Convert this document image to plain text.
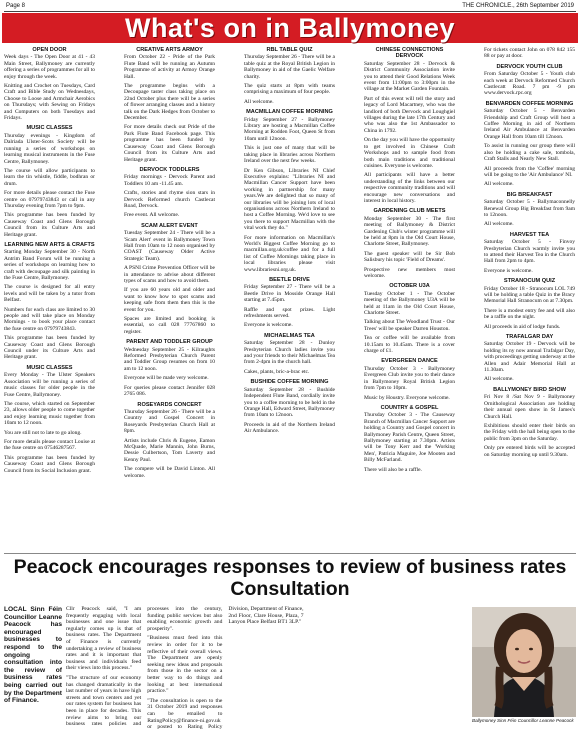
Page 8	THE CHRONICLE., 26th September 2019
What's on in Ballymoney
OPEN DOOR

Week days - The Open Door at 41 - 43 Main Street, Ballymoney are currently offering a series of programmes for all to enjoy through the week.

Knitting and Crochet on Tuesdays, Card Craft and Bible Study on Wednesdays, Choose to Loose and Armchair Aerobics on Thursdays; with Sewing on Fridays and Computers on both Tuesdays and Fridays.

MUSIC CLASSES

Thursday evenings - Kingdom of Dalriada Ulster-Scots Society will be running a series of workshops on learning musical instruments in the Fuse Centre, Ballymoney.

The course will allow participants to learn the tin whistle, fiddle, bodhran or drum.

For more details please contact the Fuse centre on 07979743843 or call in any Thursday evening from 7pm to 9pm.

This programme has been funded by Causeway Coast and Glens Borough Council from its Culture Arts and Heritage grant.

LEARNING NEW ARTS & CRAFTS

Starting Monday September 30 - North Antrim Band Forum will be running a series of workshops on learning how to craft with decoupage and silk painting in the Fuse Centre, Ballymoney.

The course is designed for all entry levels and will be taken by a tutor from Belfast.

Numbers for each class are limited to 30 people and will take place on Monday Mornings - to book your place contact the fuse centre on 07979743843.

This programme has been funded by Causeway Coast and Glens Borough Council under its Culture Arts and Heritage grant.

MUSIC CLASSES

Every Monday - The Ulster Speakers Association will be running a series of music classes for older people in the Fuse Centre, Ballymoney.

The course, which started on September 23, allows older people to come together and enjoy learning music together from 10am to 12 noon.

You are still not to late to go along.

For more details please contact Louise at the fuse centre on 07546287567.

This programme has been funded by Causeway Coast and Glens Borough Council from its Social Inclusion grant.

CREATIVE ARTS ARMOY

From October 22 - Pride of the Park Flute Band will be running an Autumn Programme of activity at Armoy Orange Hall.

The programme begins with a Decoupage taster class taking place on 22nd October plus there will be a series of flower arranging classes and a history talk on the Dark Hedges from October to December.

For more details check out Pride of the Park Flute Band Facebook page. This programme has been funded by Causeway Coast and Glens Borough Council from its Culture Arts and Heritage grant.

DERVOCK TODDLERS

Friday mornings - Dervock Parent and Toddlers 10 am -11.45 am.

Crafts, stories and rhyme sion stars in Dervock Reformed church Castlecat Road, Dervock.

Free event. All welcome.

SCAM ALERT EVENT

Tuesday September 24 - There will be a 'Scam Alert' event in Ballymoney Town Hall from 10am to 12 noon organised by COAST (Causeway Older Active Strategic Team).

A PSNI Crime Prevention Officer will be in attendance to advise about different types of scams and how to avoid them.

If you are 60 years old and older and want to know how to spot scams and keeping safe from them then this is the event for you.

Spaces are limited and booking is essential, so call 028 77767860 to register.

PARENT AND TODDLER GROUP

Wednesday September 25 - Kilraughts Reformed Presbyterian Church Parent and Toddler Group resumes on from 10 am to 12 noon.

Everyone will be made very welcome.

For queries please contact Jennifer 028 2765 086.

ROSEYARDS CONCERT

Thursday September 26 - There will be a Country and Gospel Concert in Roseyards Presbyterian Church Hall at 8pm.

Artists include Chris & Eugene, Eamon McQuade, Marie Mannin, John Burns, Dessie Culbertson, Tom Laverty and Kenny Paul.

The compere will be David Linton. All welcome.

RBL TABLE QUIZ

Thursday September 26 - There will be a table quiz at the Royal British Legion in Ballymoney in aid of the Gaelic Welfare charity.

The quiz starts at 8pm with teams comprising a maximum of four people.

All welcome.

MACMILLAN COFFEE MORNING

Friday September 27 - Ballymoney Library are hosting a Macmillan Coffee Morning at Rodden Foot, Queen St from 10am until 12noon.

This is just one of many that will be taking place in libraries across Northern Ireland over the next few weeks.

Dr Ken Gibson, Libraries NI Chief Executive explains: "Libraries NI and Macmillan Cancer Support have been working in partnership for many years.We are delighted that so many of our libraries will be joining lots of local organisations across Northern Ireland to host a Coffee Morning. We'd love to see you there to support Macmillan with the vital work they do."

For more information on Macmillan's World's Biggest Coffee Morning go to macmillan.org.uk/coffee and for a full list of Coffee Mornings taking place in local libraries please visit www.librariesni.org.uk.

BEETLE DRIVE

Friday September 27 - There will be a Beetle Drive in Mosside Orange Hall starting at 7.45pm.

Raffle and spot prizes. Light refreshments served.

Everyone is welcome.

MICHAELMAS TEA

Saturday September 28 - Dunloy Presbyterian Church ladies invite you and your friends to their Michaelmas Tea from 2-4pm in the church hall.

Cakes, plants, bric-a-brac etc.

BUSHIDE COFFEE MORNING

Saturday September 28 - Bushide Independent Flute Band, cordially invite you to a coffee morning to be held in the Orange Hall, Edward Street, Ballymoney from 10am to 12noon.

Proceeds in aid of the Northern Ireland Air Ambulance.

CHINESE CONNECTIONS DERVOCK

Saturday September 28 - Dervock & District Community Association invite you to attend their Good Relations Week event from 11:00pm to 3:00pm in the village at the Market Garden Fountain.

Part of this event will tell the story and legacy of Lord Macartney, who was the landlord of both Dervock and Loughgiel villages during the late 17th Century and who was also the 1st Ambassador to China in 1792.

On the day you will have the opportunity to get involved in Chinese Craft Workshops and to sample food from both main traditions and traditional cuisines. Everyone is welcome.

All participants will have a better understanding of the links between our respective community traditions and will encourage new conversations and interest in local history.

GARDENING CLUB MEETS

Monday September 30 - The first meeting of Ballymoney & District Gardening Club's winter programme will be held at 8pm in the Old Court House, Charlotte Street, Ballymoney.

The guest speaker will be Sir Bob Salisbury his topic 'Field of Dreams'.

Prospective new members most welcome.

OCTOBER U3A

Tuesday October 1 - The October meeting of the Ballymoney U3A will be held at 11am in the Old Court House, Charlotte Street.

Talking about The Woodland Trust - Our Trees' will be speaker Darren Houston.

Tea or coffee will be available from 10.15am to 10.45am. There is a cover charge of £1.

EVERGREEN DANCE

Thursday October 3 - Ballymoney Evergreen Club invite you to their dance in Ballymoney Royal British Legion from 7pm to 10pm.

Music by Houstry. Everyone welcome.

COUNTRY & GOSPEL

Thursday October 3 - The Causeway Branch of Macmillan Cancer Support are holding a Country and Gospel concert in Ballymoney Parish Centre, Queen Street, Ballymoney starting at 7.30pm. Artists will be Tony Kerr and the 'Working Men', Patricia Maguire, Joe Mooten and Billy McFarland.

There will also be a raffle.

For tickets contact John on 078 842 155 88 or pay at door.

DERVOCK YOUTH CLUB

From Saturday October 5 - Youth club each week at Dervock Reformed Church Castlecatt Road. 7 pm -9 pm www.dervock.rpc.org

BENVARDEN COFFEE MORNING

Saturday October 5 - Benvarden Friendship and Craft Group will host a Coffee Morning in aid of Northern Ireland Air Ambulance at Benvarden Orange Hall from 10am till 12noon.

To assist in running our group there will also be holding a cake sale, tombola, Craft Stalls and Nearly New Stall.

All proceeds from the 'Coffee' morning will be going to the 'Air Ambulance' NI.

All welcome.

BIG BREAKFAST

Saturday October 5 - Ballymaconnelly Renewal Group Big Breakfast from 9am to 12noon.

All welcome.

HARVEST TEA

Saturday October 5 - Finvoy Presbyterian Church warmly invite you to attend their Harvest Tea in the Church Hall from 2pm to 4pm.

Everyone is welcome.

STRANOCUM QUIZ

Friday October 18 - Stranocum LOL 749 will be holding a table Quiz in the Bracy Memorial Hall Stranocum on at 7.30pm.

There is a modest entry fee and will also be a raffle on the night.

All proceeds in aid of lodge funds.

TRAFALGAR DAY

Saturday October 19 - Dervock will be holding its ny now annual Trafalgar Day, with proceedings getting underway at the Allen and Adair Memorial Hall at 11.30am.

All welcome.

BALLYMONEY BIRD SHOW

Fri Nov 8 /Sat Nov 9 - Ballymoney Ornithological Association are holding their annual open show in St James's Church Hall.

Exhibitions should enter their birds on the Friday with the hall being open to the public from 3pm on the Saturday.

Only pre entered birds will be accepted on Saturday morning up until 9.30am.

Peacock encourages responses to review of business rates Consultation

LOCAL Sinn Féin Councillor Leanne Peacock has encouraged businesses to respond to the ongoing consultation into the review of business rates being carried out by the Department of Finance.

Cllr Peacock said, "I am frequently engaging with local businesses and one issue that regularly comes up is that of business rates. The Department of Finance is currently undertaking a review of business rates and it is important that business and individuals feed their views into this process."

"The structure of our economy has changed dramatically in the last number of years in have high streets and town centers and yet our rates system for business has been in place for decades. This review aims to bring our business rates policies and processes into the century, funding public services but also enabling economic growth and prosperity".

"Business must feed into this review in order for it to be reflective of their overall views. The Department are openly seeking new ideas and proposals from those in the sector on a better way to do things and looking at best international practice."

"The consultation is open to the 31 October 2019 and responses can be emailed to RatingPolicy@finance-ni.gov.uk or posted to Rating Policy Division, Department of Finance, 2nd Floor, Clare House, Plaza, 7 Lanyon Place Belfast BT1 3LP."

Ballymoney Sinn Féin Councillor Leanne Peacock
